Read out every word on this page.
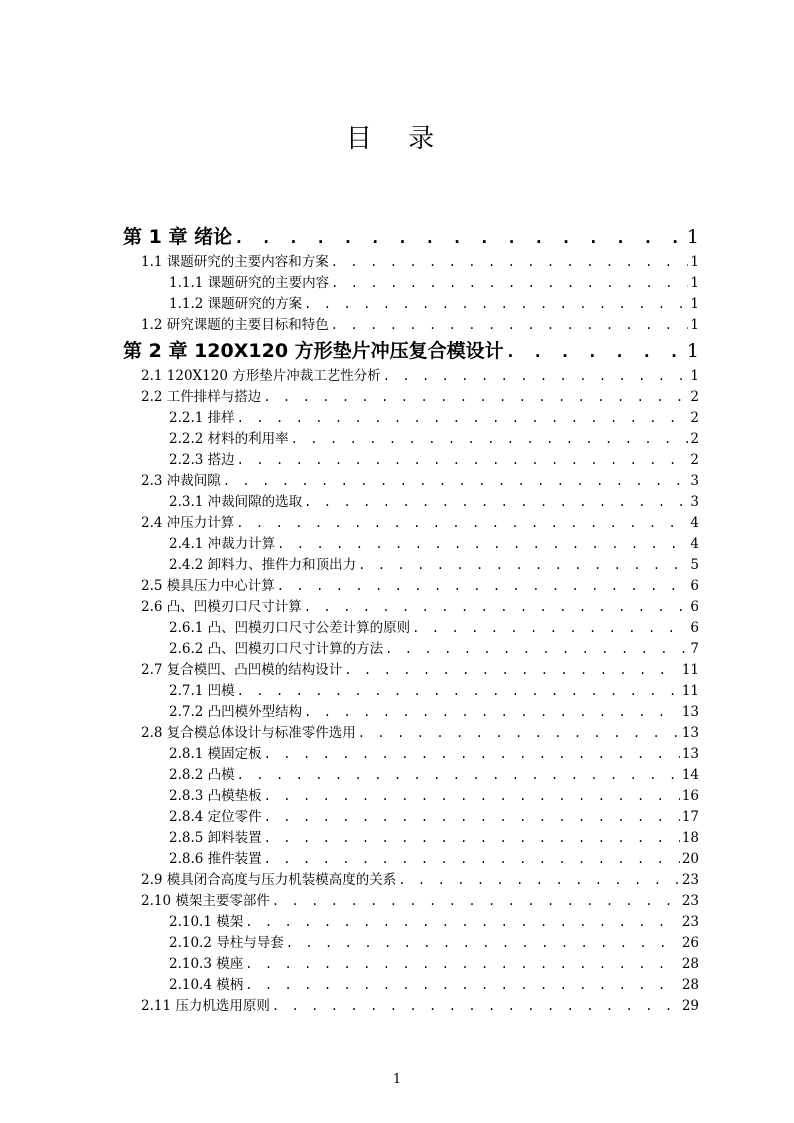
目 录
第 1 章 绪论 . . .	1
1.1 课题研究的主要内容和方案 . . .	1
1.1.1 课题研究的主要内容 . . .	1
1.1.2 课题研究的方案 . . .	1
1.2 研究课题的主要目标和特色 . . .	1
第 2 章 120X120 方形垫片冲压复合模设计 . . .	1
2.1 120X120 方形垫片冲裁工艺性分析 . . .	1
2.2 工件排样与搭边 . . .	2
2.2.1 排样 . . .	2
2.2.2 材料的利用率 . . .	2
2.2.3 搭边 . . .	2
2.3 冲裁间隙 . . .	3
2.3.1 冲裁间隙的选取 . . .	3
2.4 冲压力计算 . . .	4
2.4.1 冲裁力计算 . . .	4
2.4.2 卸料力、推件力和顶出力 . . .	5
2.5 模具压力中心计算 . . .	6
2.6 凸、凹模刃口尺寸计算 . . .	6
2.6.1 凸、凹模刃口尺寸公差计算的原则 . . .	6
2.6.2 凸、凹模刃口尺寸计算的方法 . . .	7
2.7 复合模凹、凸凹模的结构设计 . . .	11
2.7.1 凹模 . . .	11
2.7.2 凸凹模外型结构 . . .	13
2.8 复合模总体设计与标准零件选用 . . .	13
2.8.1 模固定板 . . .	13
2.8.2 凸模 . . .	14
2.8.3 凸模垫板 . . .	16
2.8.4 定位零件 . . .	17
2.8.5 卸料装置 . . .	18
2.8.6 推件装置 . . .	20
2.9 模具闭合高度与压力机装模高度的关系 . . .	23
2.10 模架主要零部件 . . .	23
2.10.1 模架 . . .	23
2.10.2 导柱与导套 . . .	26
2.10.3 模座 . . .	28
2.10.4 模柄 . . .	28
2.11 压力机选用原则 . . .	29
1
